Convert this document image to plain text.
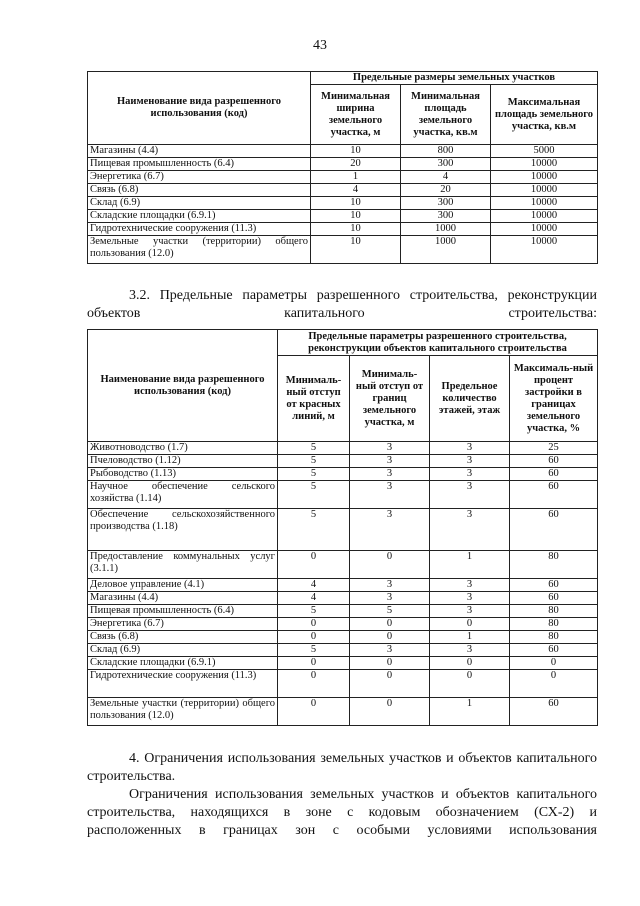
43
Наименование вида разрешенного использования (код)	Предельные размеры земельных участков		
	Минимальная ширина земельного участка, м	Минимальная площадь земельного участка, кв.м	Максимальная площадь земельного участка, кв.м
Магазины (4.4)	10	800	5000
Пищевая промышленность (6.4)	20	300	10000
Энергетика (6.7)	1	4	10000
Связь (6.8)	4	20	10000
Склад (6.9)	10	300	10000
Складские площадки (6.9.1)	10	300	10000
Гидротехнические сооружения (11.3)	10	1000	10000
Земельные участки (территории) общего пользования (12.0)	10	1000	10000
3.2. Предельные параметры разрешенного строительства, реконструкции объектов капитального строительства:
Наименование вида разрешенного использования (код)	Предельные параметры разрешенного строительства, реконструкции объектов капитального строительства			
	Минималь-ный отступ от красных линий, м	Минималь-ный отступ от границ земельного участка, м	Предельное количество этажей, этаж	Максималь-ный процент застройки в границах земельного участка, %
Животноводство (1.7)	5	3	3	25
Пчеловодство (1.12)	5	3	3	60
Рыбоводство (1.13)	5	3	3	60
Научное обеспечение сельского хозяйства (1.14)	5	3	3	60
Обеспечение сельскохозяйственного производства (1.18)	5	3	3	60
Предоставление коммунальных услуг (3.1.1)	0	0	1	80
Деловое управление (4.1)	4	3	3	60
Магазины (4.4)	4	3	3	60
Пищевая промышленность (6.4)	5	5	3	80
Энергетика (6.7)	0	0	0	80
Связь (6.8)	0	0	1	80
Склад (6.9)	5	3	3	60
Складские площадки (6.9.1)	0	0	0	0
Гидротехнические сооружения (11.3)	0	0	0	0
Земельные участки (территории) общего пользования (12.0)	0	0	1	60
4. Ограничения использования земельных участков и объектов капитального строительства.
Ограничения использования земельных участков и объектов капитального строительства, находящихся в зоне с кодовым обозначением (СХ-2) и расположенных в границах зон с особыми условиями использования
